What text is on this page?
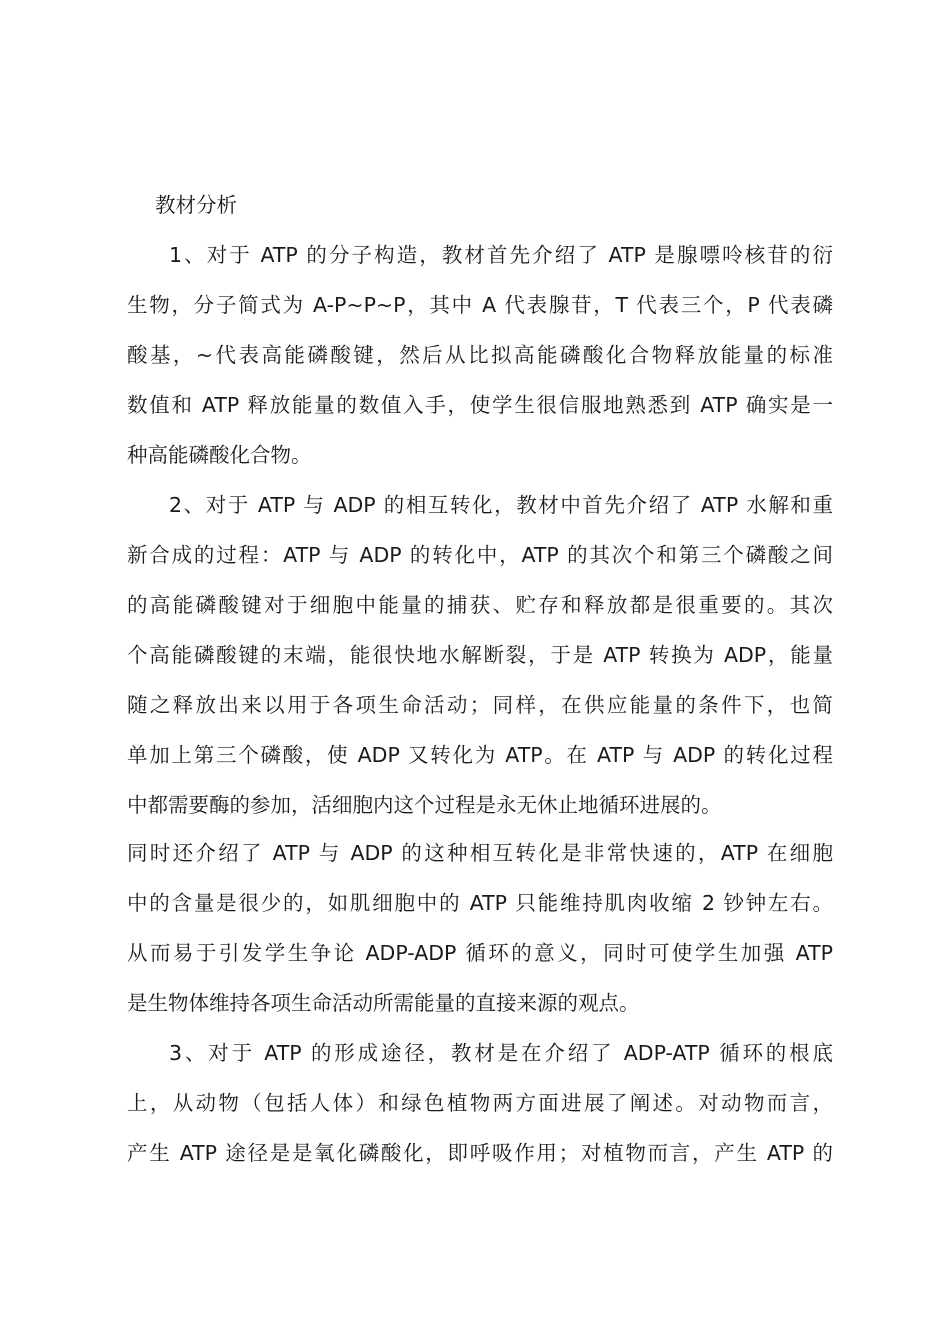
教材分析
1、对于 ATP 的分子构造，教材首先介绍了 ATP 是腺嘌呤核苷的衍
生物，分子简式为 A-P~P~P，其中 A 代表腺苷，T 代表三个，P 代表磷
酸基，~代表高能磷酸键，然后从比拟高能磷酸化合物释放能量的标准
数值和 ATP 释放能量的数值入手，使学生很信服地熟悉到 ATP 确实是一
种高能磷酸化合物。
2、对于 ATP 与 ADP 的相互转化，教材中首先介绍了 ATP 水解和重
新合成的过程：ATP 与 ADP 的转化中，ATP 的其次个和第三个磷酸之间
的高能磷酸键对于细胞中能量的捕获、贮存和释放都是很重要的。其次
个高能磷酸键的末端，能很快地水解断裂，于是 ATP 转换为 ADP，能量
随之释放出来以用于各项生命活动；同样，在供应能量的条件下，也简
单加上第三个磷酸，使 ADP 又转化为 ATP。在 ATP 与 ADP 的转化过程
中都需要酶的参加，活细胞内这个过程是永无休止地循环进展的。
同时还介绍了 ATP 与 ADP 的这种相互转化是非常快速的，ATP 在细胞
中的含量是很少的，如肌细胞中的 ATP 只能维持肌肉收缩 2 钞钟左右。
从而易于引发学生争论 ADP-ADP 循环的意义，同时可使学生加强 ATP
是生物体维持各项生命活动所需能量的直接来源的观点。
3、对于 ATP 的形成途径，教材是在介绍了 ADP-ATP 循环的根底
上，从动物（包括人体）和绿色植物两方面进展了阐述。对动物而言，
产生 ATP 途径是是氧化磷酸化，即呼吸作用；对植物而言，产生 ATP 的
